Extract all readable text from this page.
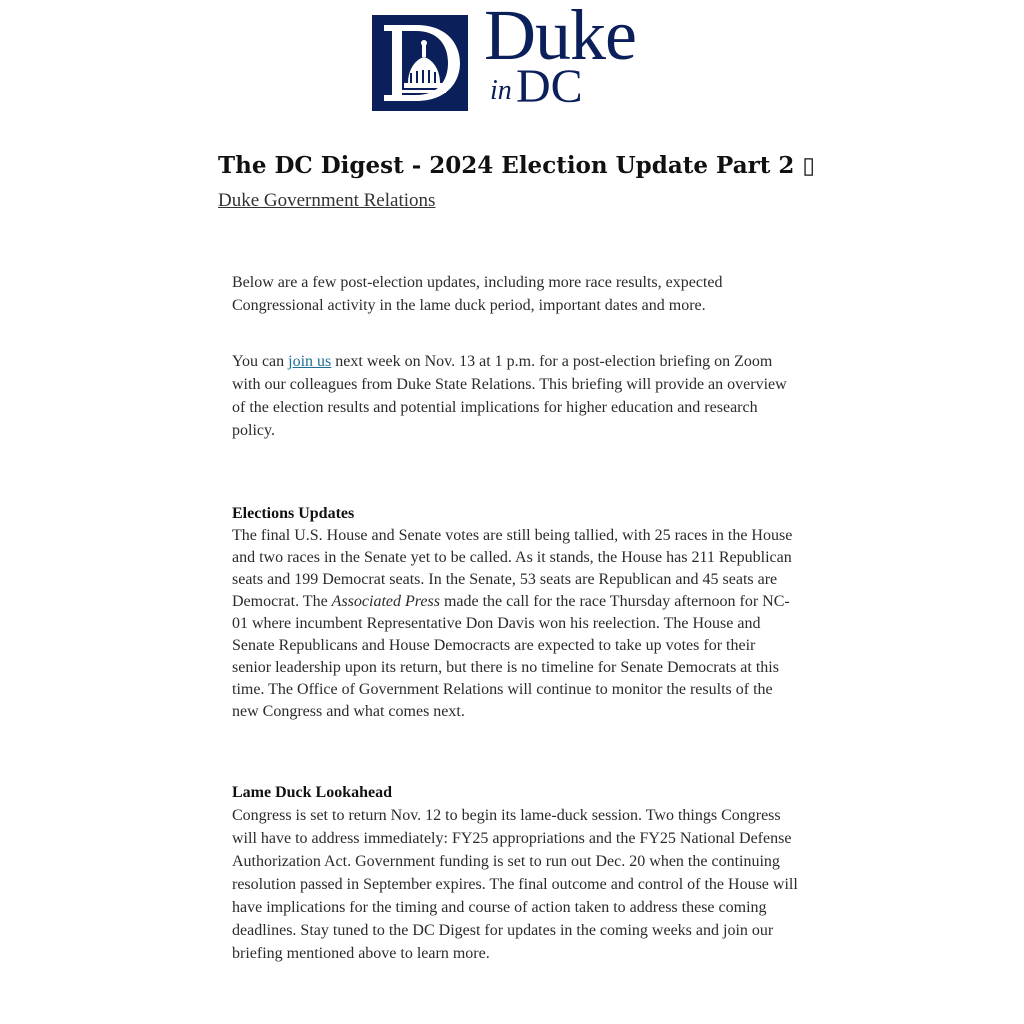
Duke
in DC
The DC Digest - 2024 Election Update Part 2 ▯
Duke Government Relations

Below are a few post-election updates, including more race results, expected Congressional activity in the lame duck period, important dates and more.

You can join us next week on Nov. 13 at 1 p.m. for a post-election briefing on Zoom with our colleagues from Duke State Relations. This briefing will provide an overview of the election results and potential implications for higher education and research policy.

Elections Updates

The final U.S. House and Senate votes are still being tallied, with 25 races in the House and two races in the Senate yet to be called. As it stands, the House has 211 Republican seats and 199 Democrat seats. In the Senate, 53 seats are Republican and 45 seats are Democrat. The Associated Press made the call for the race Thursday afternoon for NC-01 where incumbent Representative Don Davis won his reelection. The House and Senate Republicans and House Democracts are expected to take up votes for their senior leadership upon its return, but there is no timeline for Senate Democrats at this time. The Office of Government Relations will continue to monitor the results of the new Congress and what comes next.

Lame Duck Lookahead

Congress is set to return Nov. 12 to begin its lame-duck session. Two things Congress will have to address immediately: FY25 appropriations and the FY25 National Defense Authorization Act. Government funding is set to run out Dec. 20 when the continuing resolution passed in September expires. The final outcome and control of the House will have implications for the timing and course of action taken to address these coming deadlines. Stay tuned to the DC Digest for updates in the coming weeks and join our briefing mentioned above to learn more.
